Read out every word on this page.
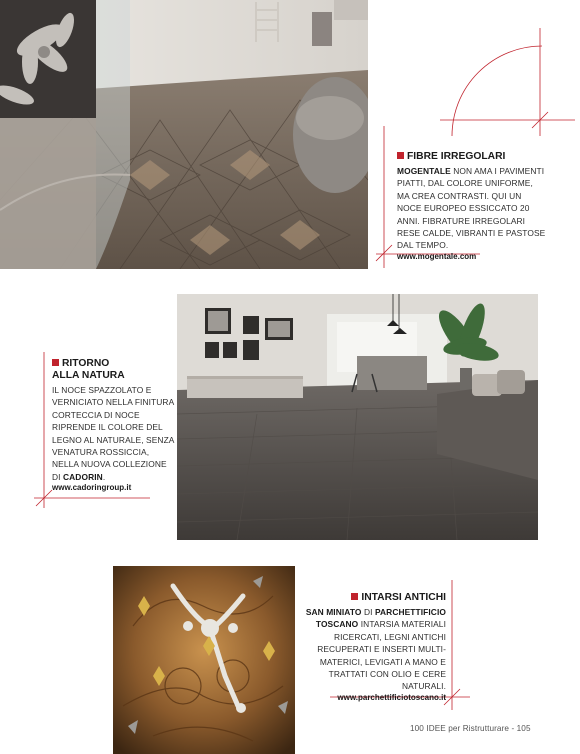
FIBRE IRREGOLARI

MOGENTALE NON AMA I PAVIMENTI PIATTI, DAL COLORE UNIFORME, MA CREA CONTRASTI. QUI UN NOCE EUROPEO ESSICCATO 20 ANNI. FIBRATURE IRREGOLARI RESE CALDE, VIBRANTI E PASTOSE DAL TEMPO.

www.mogentale.com
RITORNO
ALLA NATURA

IL NOCE SPAZZOLATO E VERNICIATO NELLA FINITURA CORTECCIA DI NOCE RIPRENDE IL COLORE DEL LEGNO AL NATURALE, SENZA VENATURA ROSSICCIA, NELLA NUOVA COLLEZIONE DI CADORIN.

www.cadoringroup.it
INTARSI ANTICHI

SAN MINIATO DI PARCHETTIFICIO TOSCANO INTARSIA MATERIALI RICERCATI, LEGNI ANTICHI RECUPERATI E INSERTI MULTI-MATERICI, LEVIGATI A MANO E TRATTATI CON OLIO E CERE NATURALI.

www.parchettificiotoscano.it
100 IDEE per Ristrutturare - 105
